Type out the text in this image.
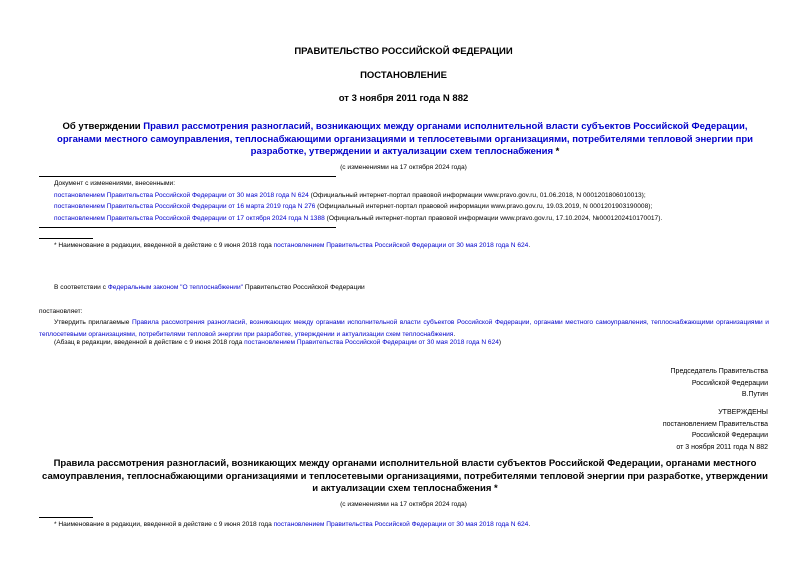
ПРАВИТЕЛЬСТВО РОССИЙСКОЙ ФЕДЕРАЦИИ
ПОСТАНОВЛЕНИЕ
от 3 ноября 2011 года N 882
Об утверждении Правил рассмотрения разногласий, возникающих между органами исполнительной власти субъектов Российской Федерации, органами местного самоуправления, теплоснабжающими организациями и теплосетевыми организациями, потребителями тепловой энергии при разработке, утверждении и актуализации схем теплоснабжения *
(с изменениями на 17 октября 2024 года)
Документ с изменениями, внесенными:
постановлением Правительства Российской Федерации от 30 мая 2018 года N 624 (Официальный интернет-портал правовой информации www.pravo.gov.ru, 01.06.2018, N 0001201806010013);
постановлением Правительства Российской Федерации от 16 марта 2019 года N 276 (Официальный интернет-портал правовой информации www.pravo.gov.ru, 19.03.2019, N 0001201903190008);
постановлением Правительства Российской Федерации от 17 октября 2024 года N 1388 (Официальный интернет-портал правовой информации www.pravo.gov.ru, 17.10.2024, №0001202410170017).
* Наименование в редакции, введенной в действие с 9 июня 2018 года постановлением Правительства Российской Федерации от 30 мая 2018 года N 624.
В соответствии с Федеральным законом "О теплоснабжении" Правительство Российской Федерации
постановляет:
Утвердить прилагаемые Правила рассмотрения разногласий, возникающих между органами исполнительной власти субъектов Российской Федерации, органами местного самоуправления, теплоснабжающими организациями и теплосетевыми организациями, потребителями тепловой энергии при разработке, утверждении и актуализации схем теплоснабжения.
(Абзац в редакции, введенной в действие с 9 июня 2018 года постановлением Правительства Российской Федерации от 30 мая 2018 года N 624)
Председатель Правительства
Российской Федерации
В.Путин
УТВЕРЖДЕНЫ
постановлением Правительства
Российской Федерации
от 3 ноября 2011 года N 882
Правила рассмотрения разногласий, возникающих между органами исполнительной власти субъектов Российской Федерации, органами местного самоуправления, теплоснабжающими организациями и теплосетевыми организациями, потребителями тепловой энергии при разработке, утверждении и актуализации схем теплоснабжения *
(с изменениями на 17 октября 2024 года)
* Наименование в редакции, введенной в действие с 9 июня 2018 года постановлением Правительства Российской Федерации от 30 мая 2018 года N 624.
